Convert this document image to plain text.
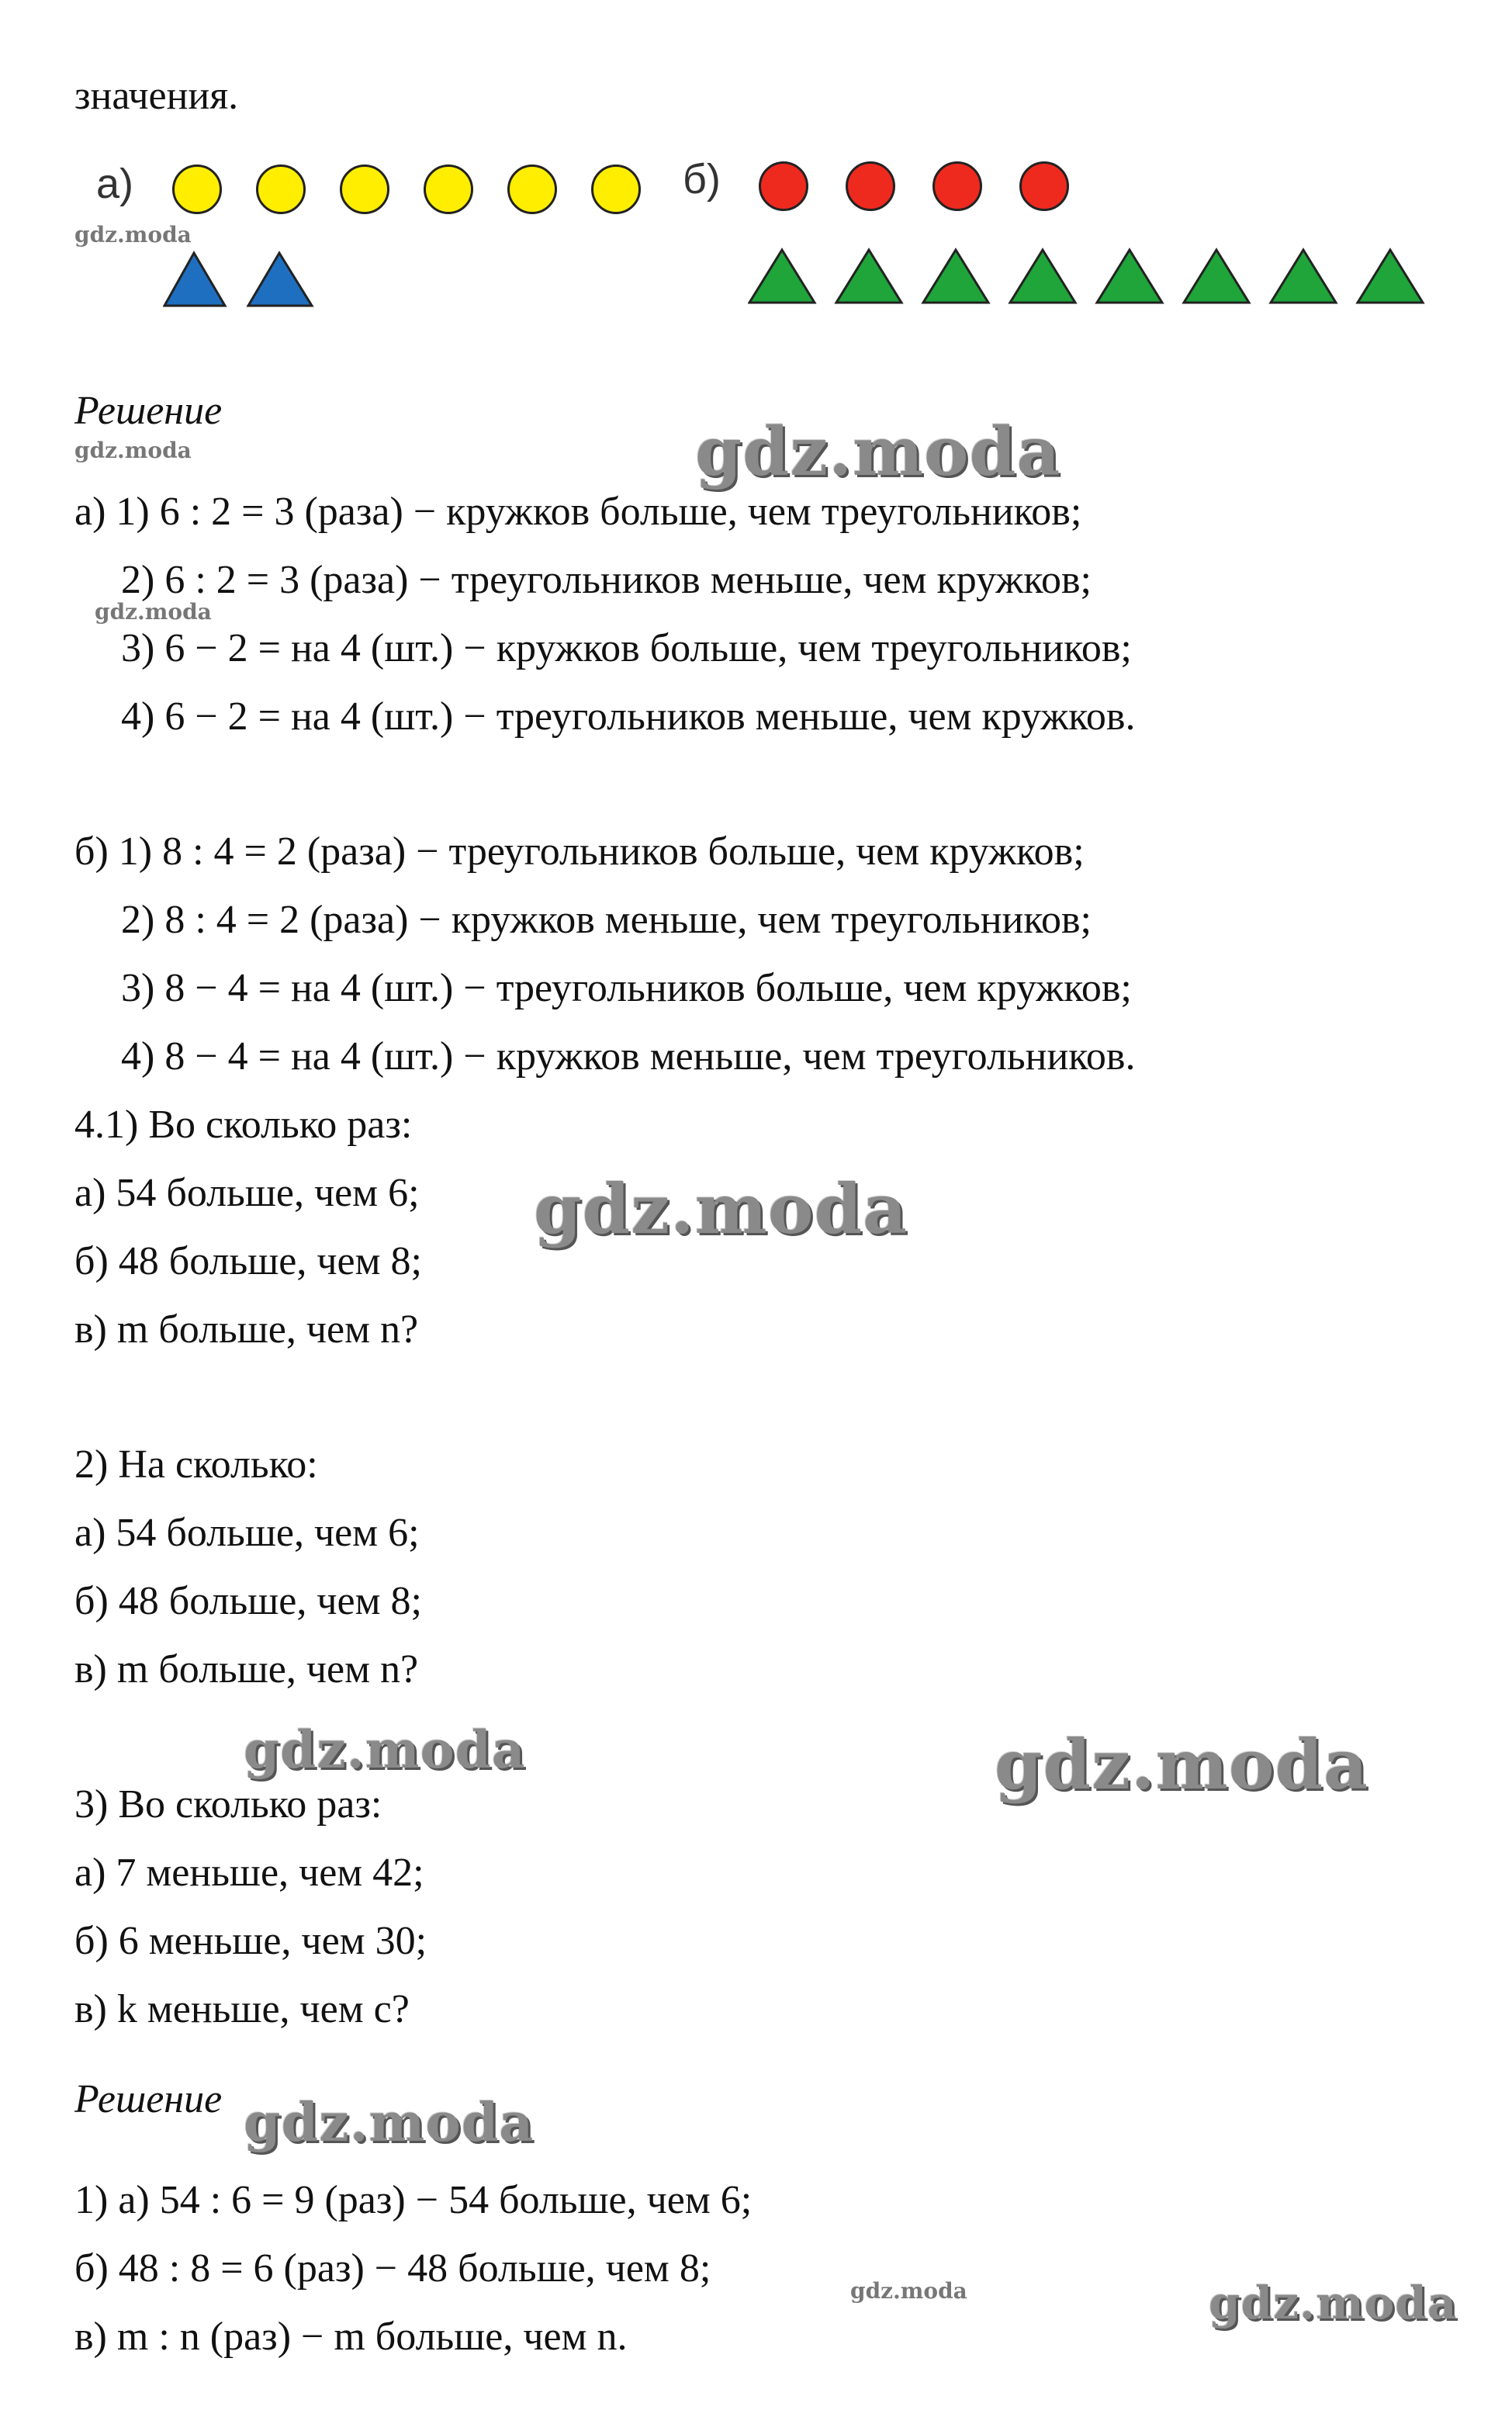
значения.
а)	б)
Решение
а) 1) 6 : 2 = 3 (раза) − кружков больше, чем треугольников;
2) 6 : 2 = 3 (раза) − треугольников меньше, чем кружков;
3) 6 − 2 = на 4 (шт.) − кружков больше, чем треугольников;
4) 6 − 2 = на 4 (шт.) − треугольников меньше, чем кружков.
б) 1) 8 : 4 = 2 (раза) − треугольников больше, чем кружков;
2) 8 : 4 = 2 (раза) − кружков меньше, чем треугольников;
3) 8 − 4 = на 4 (шт.) − треугольников больше, чем кружков;
4) 8 − 4 = на 4 (шт.) − кружков меньше, чем треугольников.
4.1) Во сколько раз:
а) 54 больше, чем 6;
б) 48 больше, чем 8;
в) m больше, чем n?
2) На сколько:
а) 54 больше, чем 6;
б) 48 больше, чем 8;
в) m больше, чем n?
3) Во сколько раз:
а) 7 меньше, чем 42;
б) 6 меньше, чем 30;
в) k меньше, чем c?
Решение
1) а) 54 : 6 = 9 (раз) − 54 больше, чем 6;
б) 48 : 8 = 6 (раз) − 48 больше, чем 8;
в) m : n (раз) − m больше, чем n.
gdz.moda
gdz.moda
gdz.moda
gdz.moda
gdz.moda
gdz.moda
gdz.moda	gdz.moda
gdz.moda
gdz.moda
